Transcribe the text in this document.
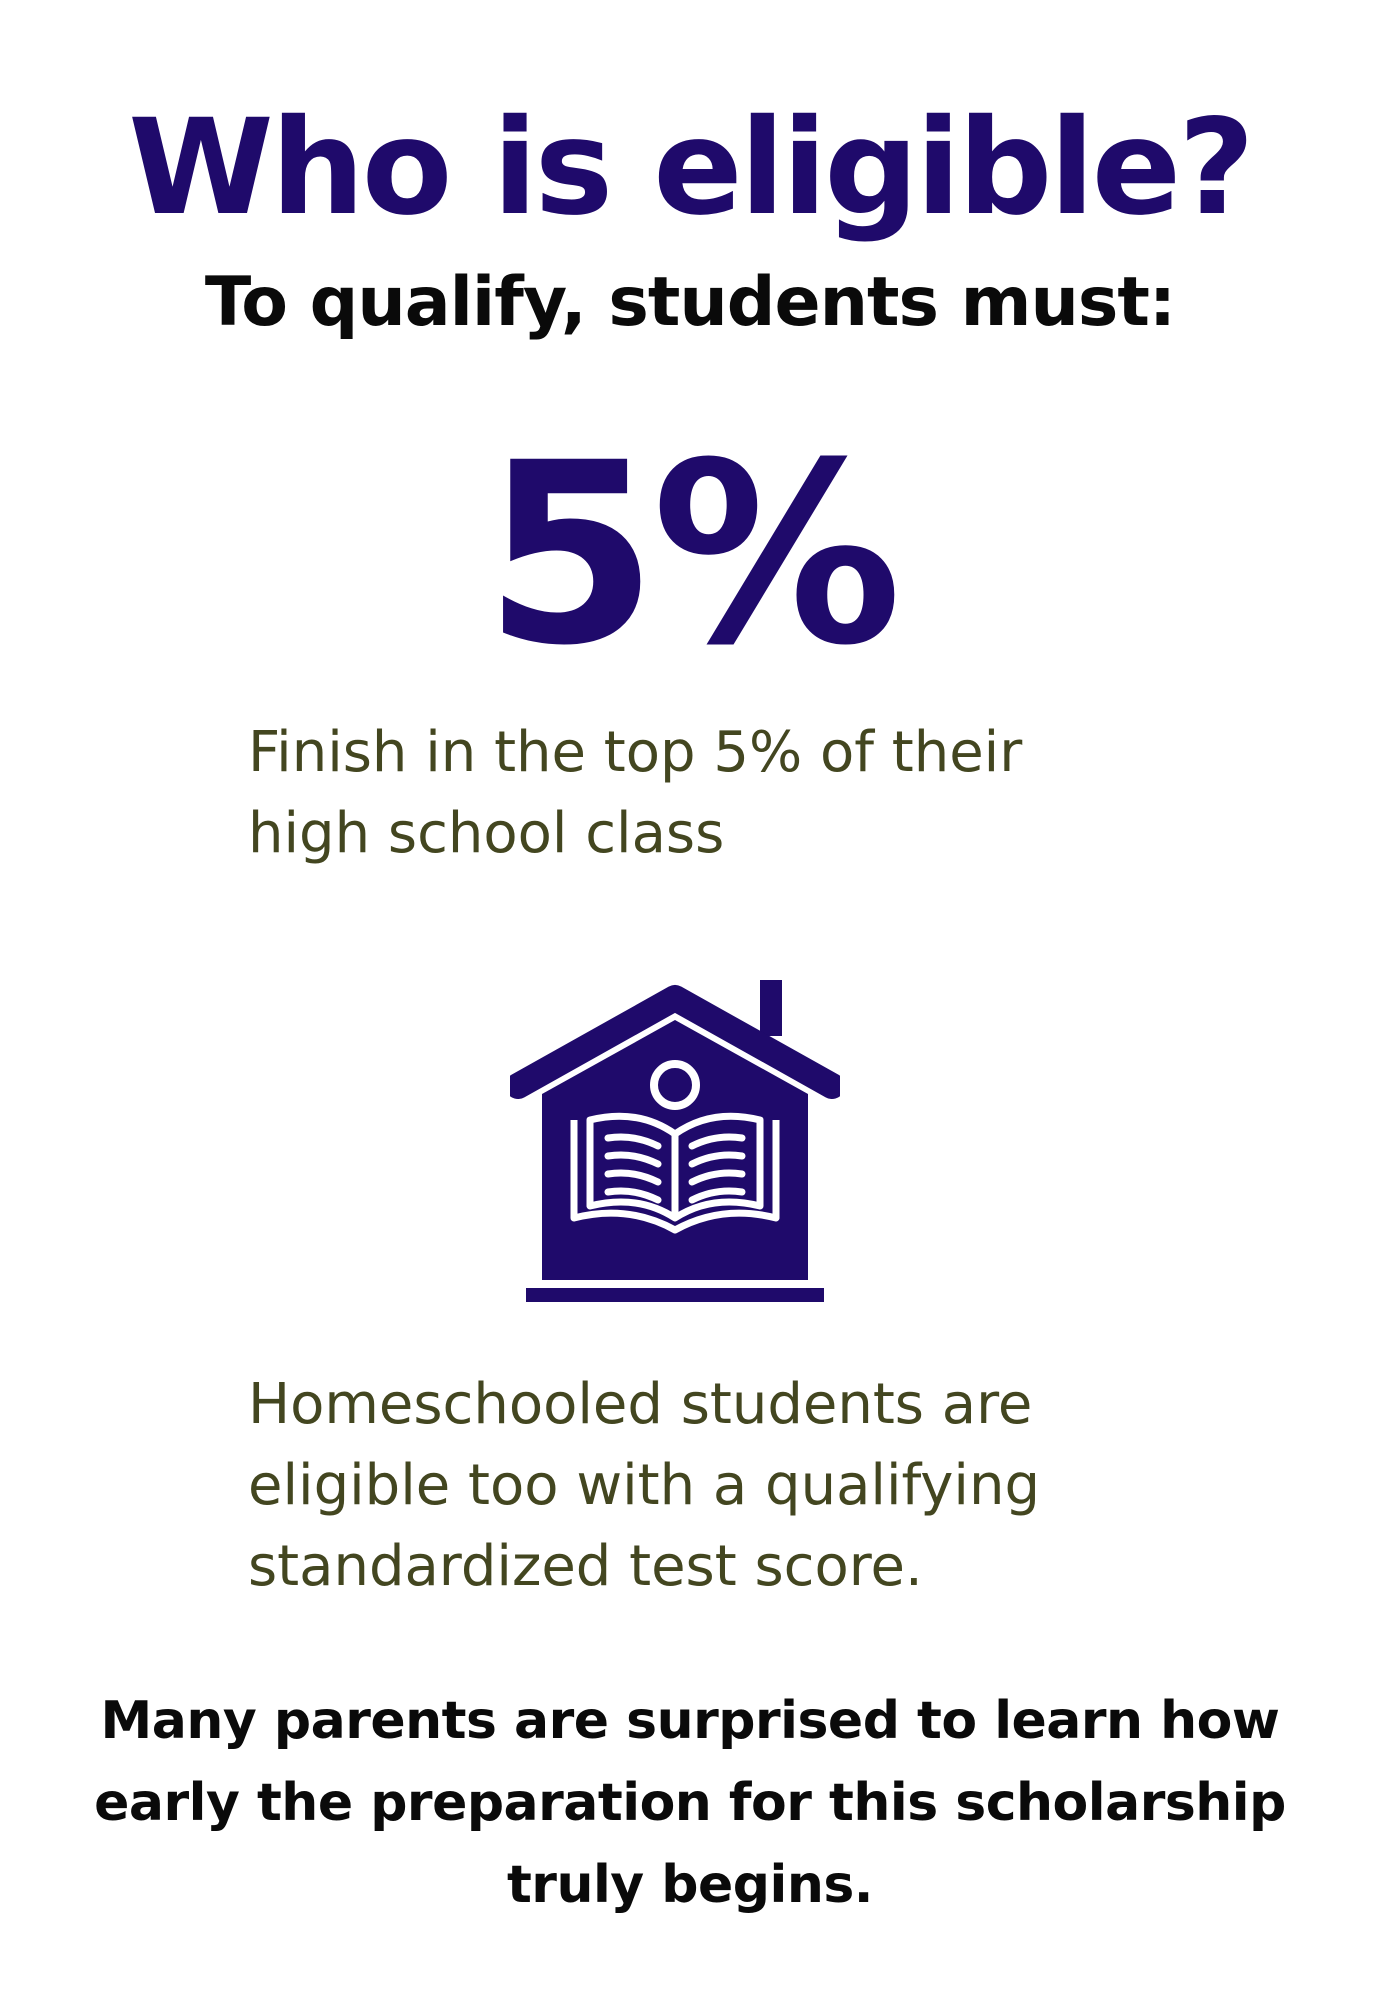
Who is eligible?
To qualify, students must:
5%

Finish in the top 5% of their high school class

Homeschooled students are eligible too with a qualifying standardized test score.

Many parents are surprised to learn how early the preparation for this scholarship truly begins.
